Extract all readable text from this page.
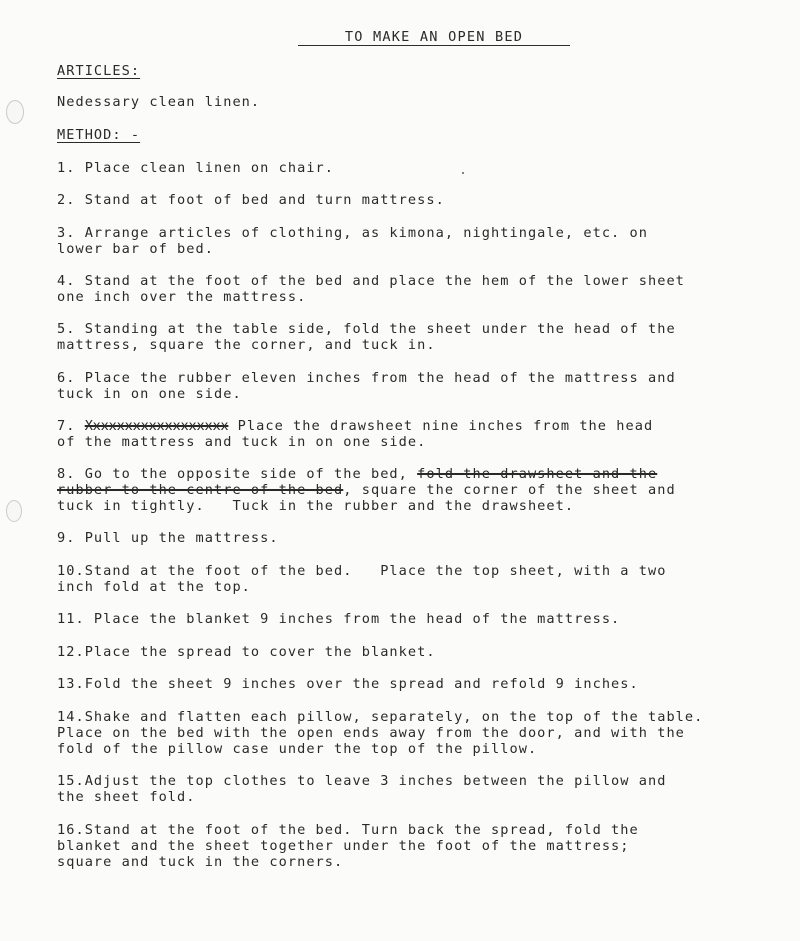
TO MAKE AN OPEN BED
ARTICLES:
Nedessary clean linen.
METHOD: -
1. Place clean linen on chair.
2. Stand at foot of bed and turn mattress.
3. Arrange articles of clothing, as kimona, nightingale, etc. on
lower bar of bed.
4. Stand at the foot of the bed and place the hem of the lower sheet
one inch over the mattress.
5. Standing at the table side, fold the sheet under the head of the
mattress, square the corner, and tuck in.
6. Place the rubber eleven inches from the head of the mattress and
tuck in on one side.
7. Xxxxxxxxxxxxxxxxxx Place the drawsheet nine inches from the head
of the mattress and tuck in on one side.
8. Go to the opposite side of the bed, fold the drawsheet and the
rubber to the centre of the bed, square the corner of the sheet and
tuck in tightly.   Tuck in the rubber and the drawsheet.
9. Pull up the mattress.
10.Stand at the foot of the bed.   Place the top sheet, with a two
inch fold at the top.
11. Place the blanket 9 inches from the head of the mattress.
12.Place the spread to cover the blanket.
13.Fold the sheet 9 inches over the spread and refold 9 inches.
14.Shake and flatten each pillow, separately, on the top of the table.
Place on the bed with the open ends away from the door, and with the
fold of the pillow case under the top of the pillow.
15.Adjust the top clothes to leave 3 inches between the pillow and
the sheet fold.
16.Stand at the foot of the bed. Turn back the spread, fold the
blanket and the sheet together under the foot of the mattress;
square and tuck in the corners.
